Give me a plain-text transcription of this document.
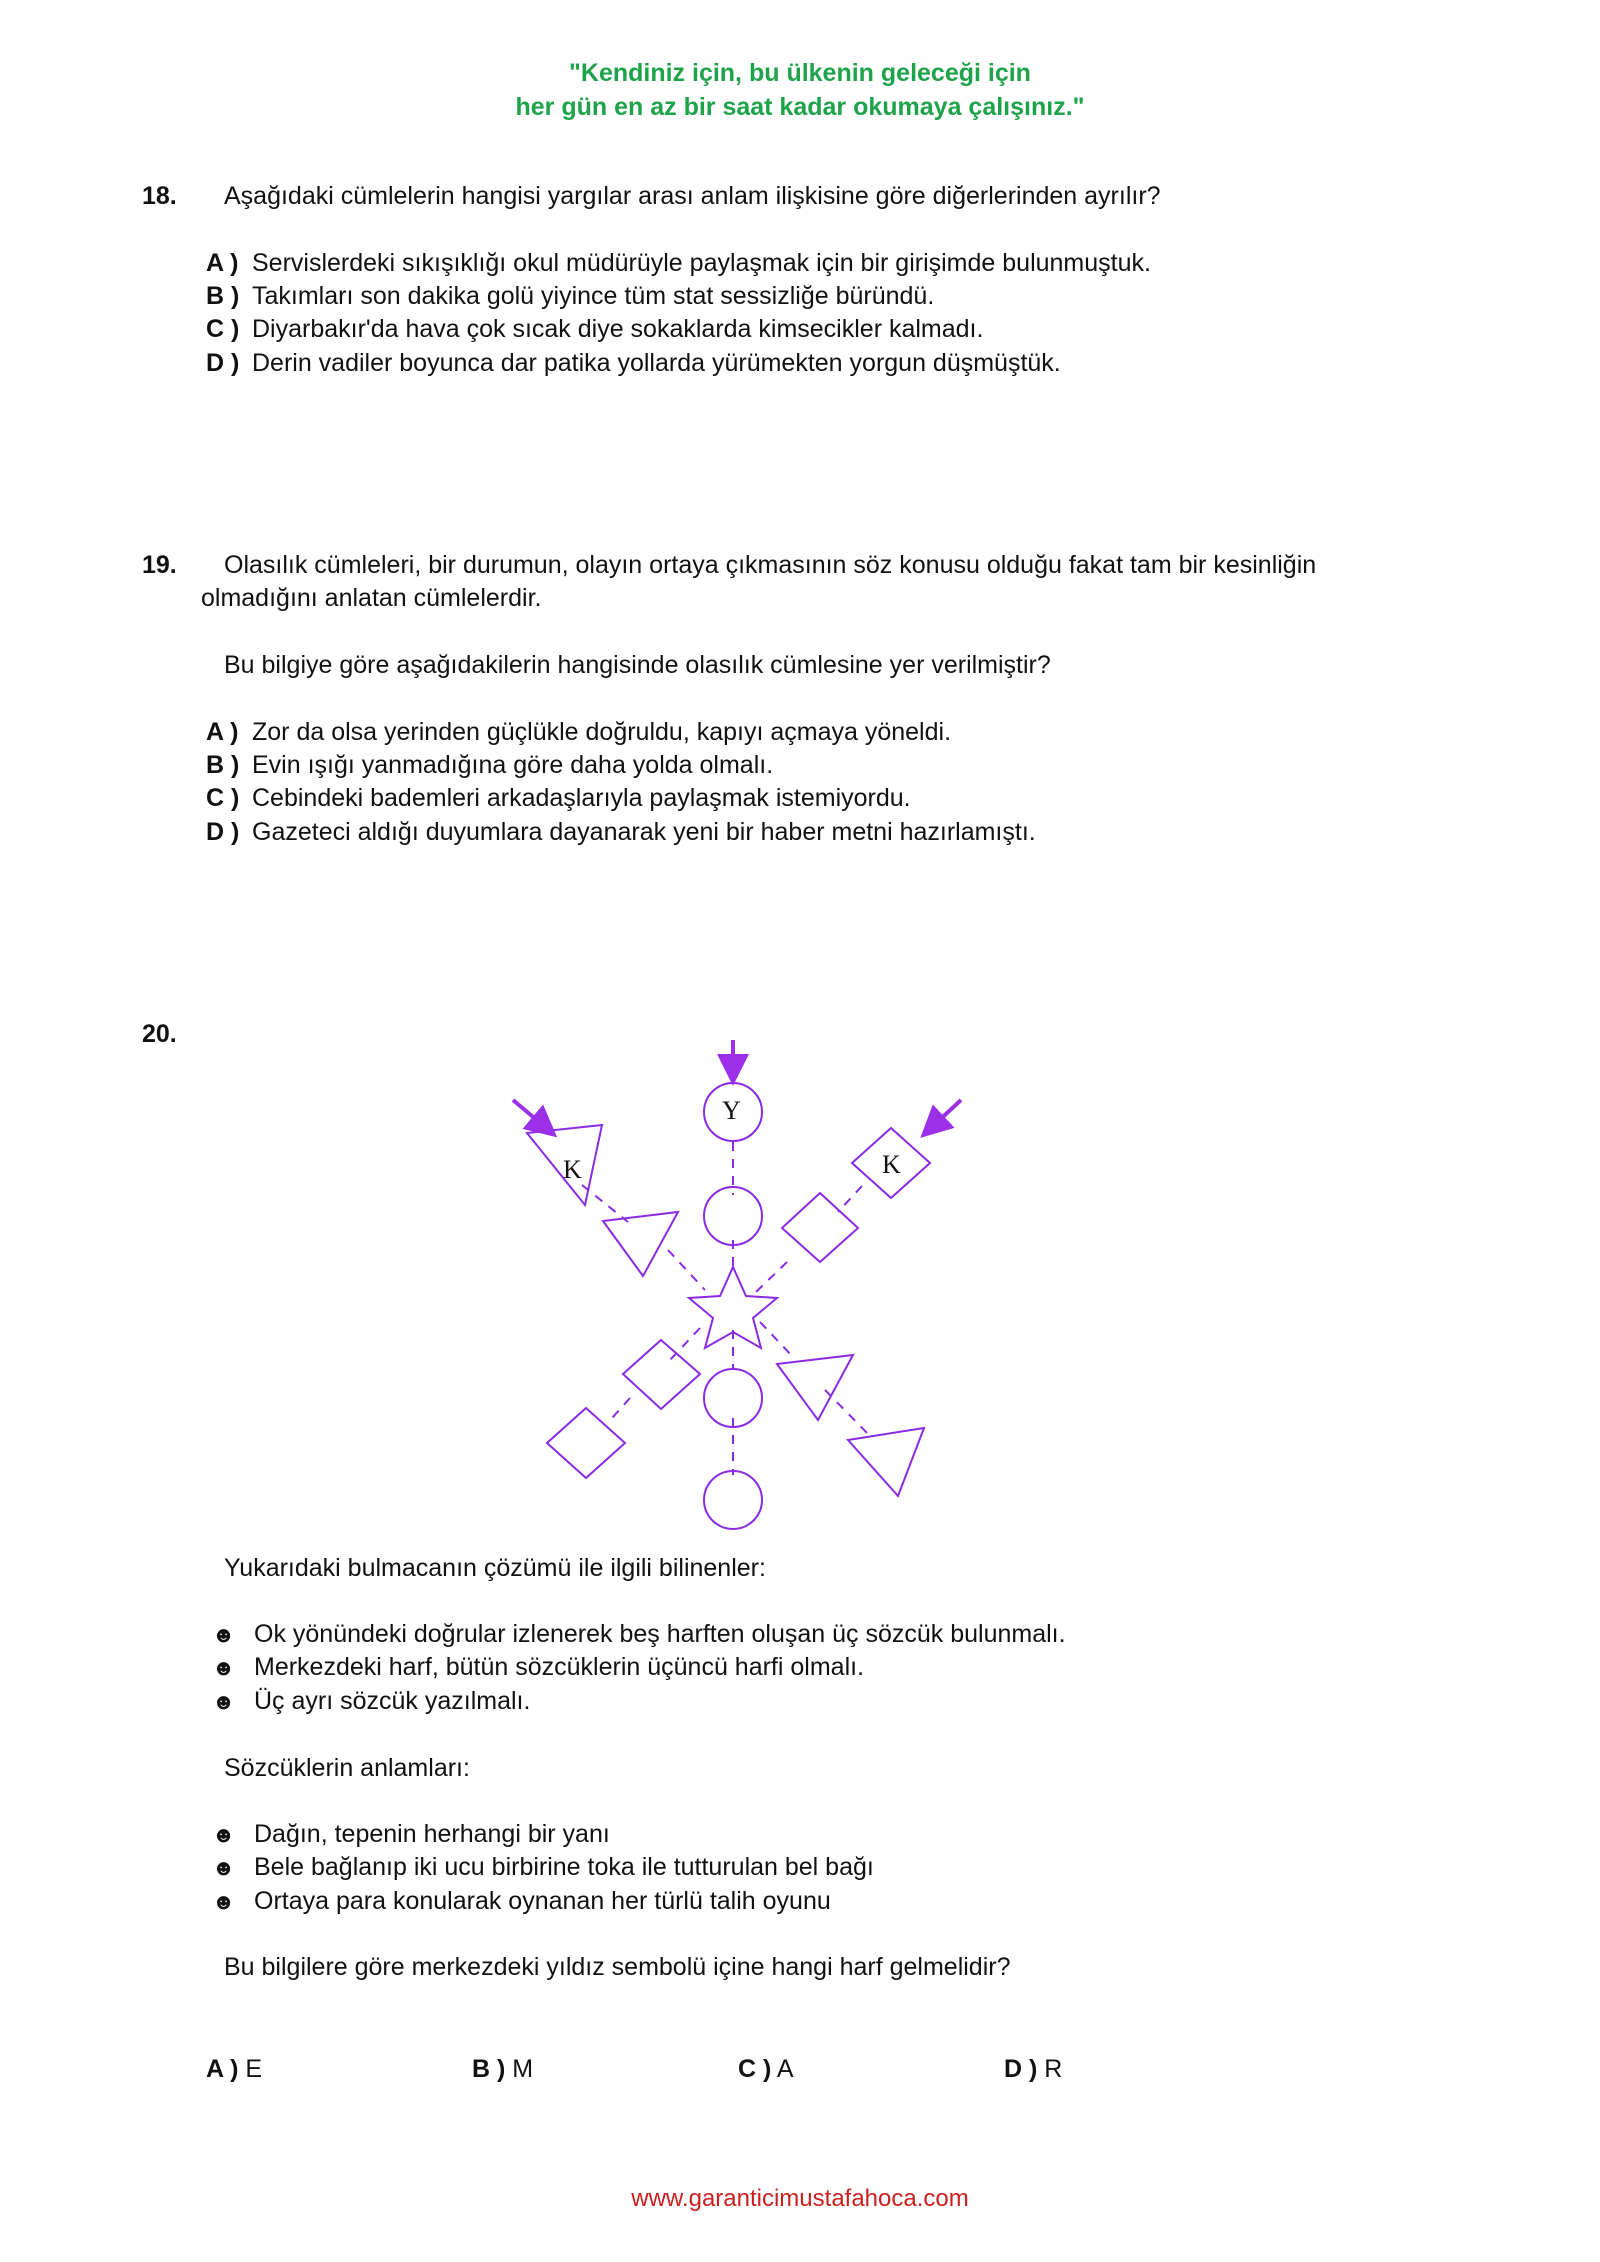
"Kendiniz için, bu ülkenin geleceği için
her gün en az bir saat kadar okumaya çalışınız."
18. Aşağıdaki cümlelerin hangisi yargılar arası anlam ilişkisine göre diğerlerinden ayrılır?
A ) Servislerdeki sıkışıklığı okul müdürüyle paylaşmak için bir girişimde bulunmuştuk.
B ) Takımları son dakika golü yiyince tüm stat sessizliğe büründü.
C ) Diyarbakır'da hava çok sıcak diye sokaklarda kimsecikler kalmadı.
D ) Derin vadiler boyunca dar patika yollarda yürümekten yorgun düşmüştük.
19. Olasılık cümleleri, bir durumun, olayın ortaya çıkmasının söz konusu olduğu fakat tam bir kesinliğin
olmadığını anlatan cümlelerdir.
Bu bilgiye göre aşağıdakilerin hangisinde olasılık cümlesine yer verilmiştir?
A ) Zor da olsa yerinden güçlükle doğruldu, kapıyı açmaya yöneldi.
B ) Evin ışığı yanmadığına göre daha yolda olmalı.
C ) Cebindeki bademleri arkadaşlarıyla paylaşmak istemiyordu.
D ) Gazeteci aldığı duyumlara dayanarak yeni bir haber metni hazırlamıştı.
20.
Y
K	K
Yukarıdaki bulmacanın çözümü ile ilgili bilinenler:
☻ Ok yönündeki doğrular izlenerek beş harften oluşan üç sözcük bulunmalı.
☻ Merkezdeki harf, bütün sözcüklerin üçüncü harfi olmalı.
☻ Üç ayrı sözcük yazılmalı.
Sözcüklerin anlamları:
☻ Dağın, tepenin herhangi bir yanı
☻ Bele bağlanıp iki ucu birbirine toka ile tutturulan bel bağı
☻ Ortaya para konularak oynanan her türlü talih oyunu
Bu bilgilere göre merkezdeki yıldız sembolü içine hangi harf gelmelidir?
A ) E	B ) M	C ) A	D ) R
www.garanticimustafahoca.com
